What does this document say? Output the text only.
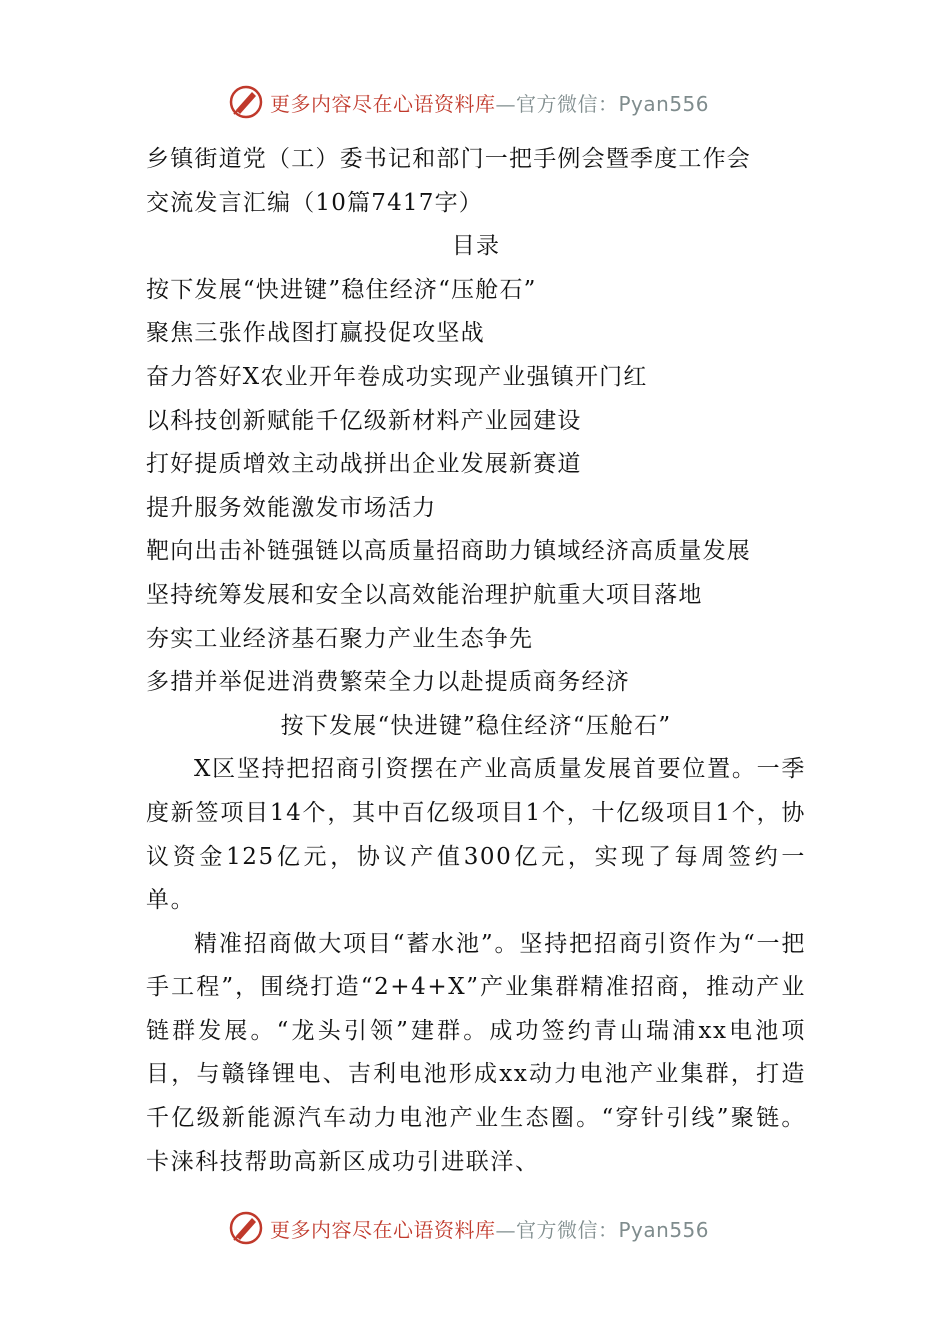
更多内容尽在心语资料库—官方微信：Pyan556
乡镇街道党（工）委书记和部门一把手例会暨季度工作会
交流发言汇编（10篇7417字）
目录
按下发展“快进键”稳住经济“压舱石”
聚焦三张作战图打赢投促攻坚战
奋力答好X农业开年卷成功实现产业强镇开门红
以科技创新赋能千亿级新材料产业园建设
打好提质增效主动战拼出企业发展新赛道
提升服务效能激发市场活力
靶向出击补链强链以高质量招商助力镇域经济高质量发展
坚持统筹发展和安全以高效能治理护航重大项目落地
夯实工业经济基石聚力产业生态争先
多措并举促进消费繁荣全力以赴提质商务经济
按下发展“快进键”稳住经济“压舱石”
X区坚持把招商引资摆在产业高质量发展首要位置。一季度新签项目14个，其中百亿级项目1个，十亿级项目1个，协议资金125亿元，协议产值300亿元，实现了每周签约一单。
精准招商做大项目“蓄水池”。坚持把招商引资作为“一把手工程”，围绕打造“2+4+X”产业集群精准招商，推动产业链群发展。“龙头引领”建群。成功签约青山瑞浦xx电池项目，与赣锋锂电、吉利电池形成xx动力电池产业集群，打造千亿级新能源汽车动力电池产业生态圈。“穿针引线”聚链。卡涞科技帮助高新区成功引进联洋、
更多内容尽在心语资料库—官方微信：Pyan556
